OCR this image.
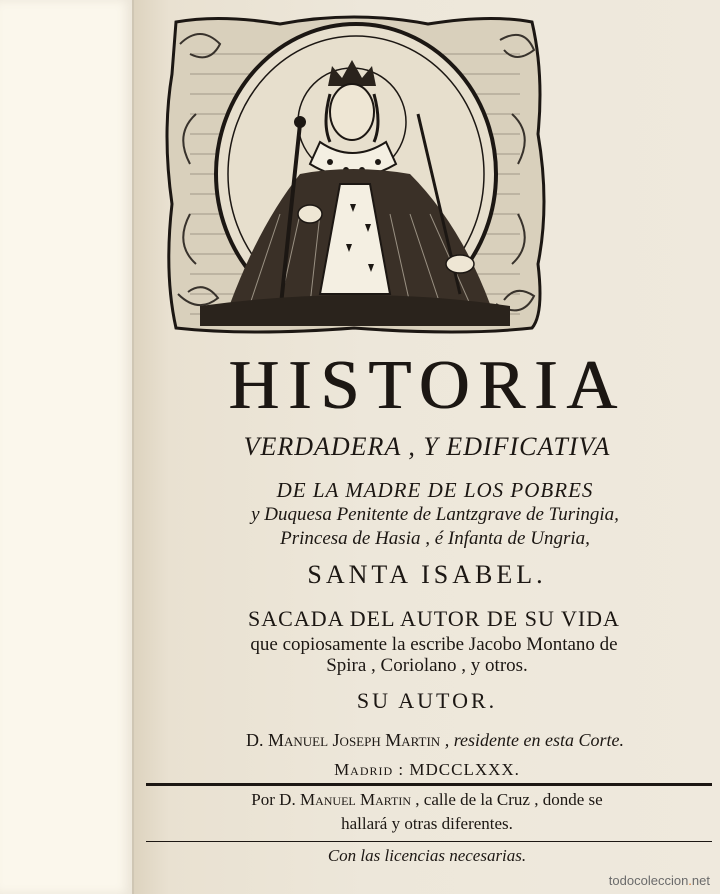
HISTORIA
VERDADERA , Y EDIFICATIVA
DE LA MADRE DE LOS POBRES
y Duquesa Penitente de Lantzgrave de Turingia,
Princesa de Hasia , é Infanta de Ungria,
SANTA ISABEL.
SACADA DEL AUTOR DE SU VIDA
que copiosamente la escribe Jacobo Montano de
Spira , Coriolano , y otros.
SU AUTOR.
D. Manuel Joseph Martin , residente en esta Corte.
Madrid : MDCCLXXX.
Por D. Manuel Martin , calle de la Cruz , donde se
hallará y otras diferentes.
Con las licencias necesarias.
todocoleccion.net
